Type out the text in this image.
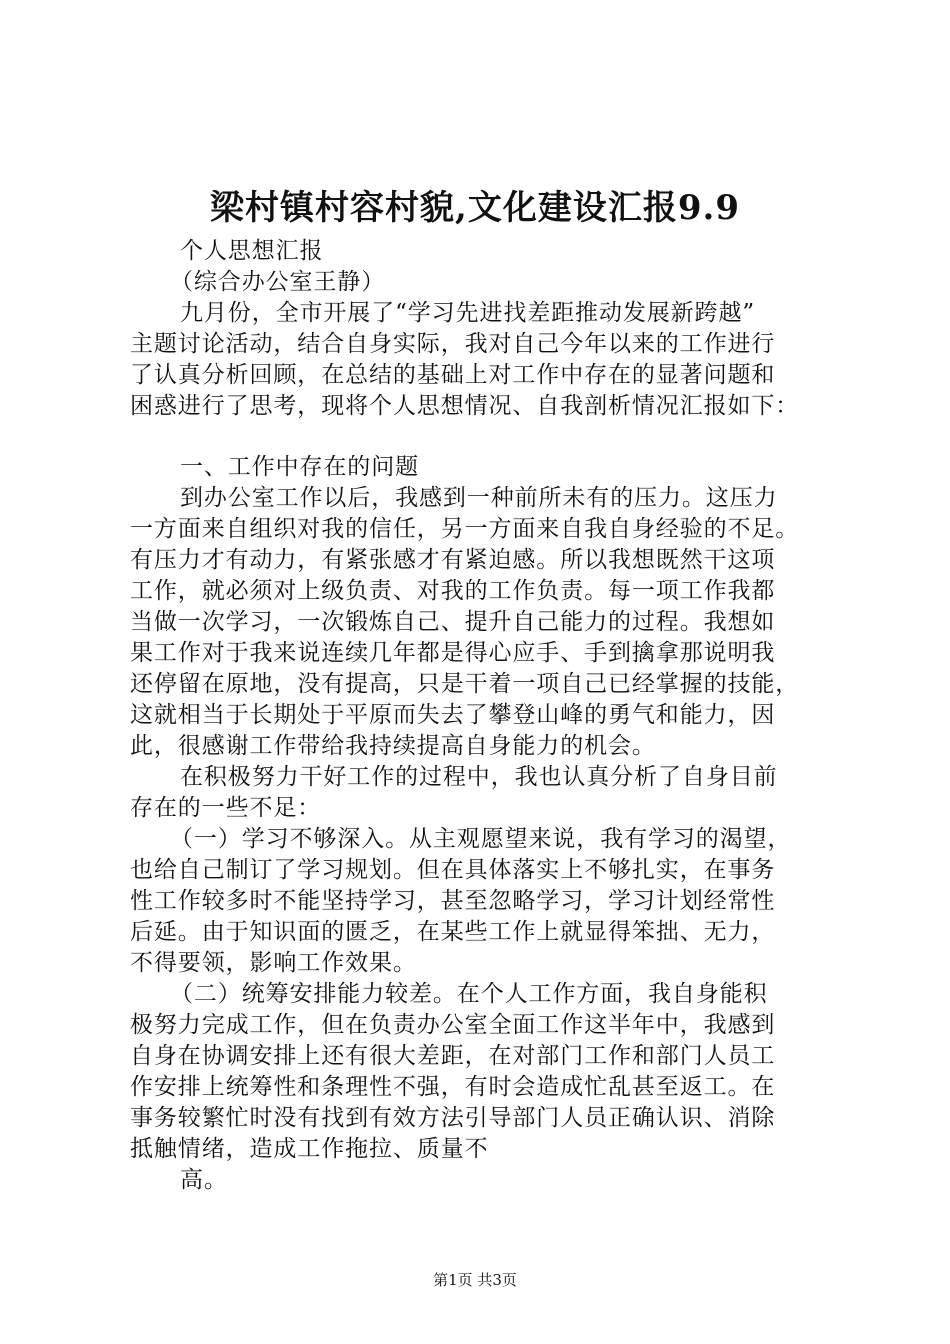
梁村镇村容村貌,文化建设汇报9.9
个人思想汇报
（综合办公室王静）
九月份，全市开展了“学习先进找差距推动发展新跨越”
主题讨论活动，结合自身实际，我对自己今年以来的工作进行
了认真分析回顾，在总结的基础上对工作中存在的显著问题和
困惑进行了思考，现将个人思想情况、自我剖析情况汇报如下：
一、工作中存在的问题
到办公室工作以后，我感到一种前所未有的压力。这压力
一方面来自组织对我的信任，另一方面来自我自身经验的不足。
有压力才有动力，有紧张感才有紧迫感。所以我想既然干这项
工作，就必须对上级负责、对我的工作负责。每一项工作我都
当做一次学习，一次锻炼自己、提升自己能力的过程。我想如
果工作对于我来说连续几年都是得心应手、手到擒拿那说明我
还停留在原地，没有提高，只是干着一项自己已经掌握的技能，
这就相当于长期处于平原而失去了攀登山峰的勇气和能力，因
此，很感谢工作带给我持续提高自身能力的机会。
在积极努力干好工作的过程中，我也认真分析了自身目前
存在的一些不足：
（一）学习不够深入。从主观愿望来说，我有学习的渴望，
也给自己制订了学习规划。但在具体落实上不够扎实，在事务
性工作较多时不能坚持学习，甚至忽略学习，学习计划经常性
后延。由于知识面的匮乏，在某些工作上就显得笨拙、无力，
不得要领，影响工作效果。
（二）统筹安排能力较差。在个人工作方面，我自身能积
极努力完成工作，但在负责办公室全面工作这半年中，我感到
自身在协调安排上还有很大差距，在对部门工作和部门人员工
作安排上统筹性和条理性不强，有时会造成忙乱甚至返工。在
事务较繁忙时没有找到有效方法引导部门人员正确认识、消除
抵触情绪，造成工作拖拉、质量不
高。
第1页 共3页
